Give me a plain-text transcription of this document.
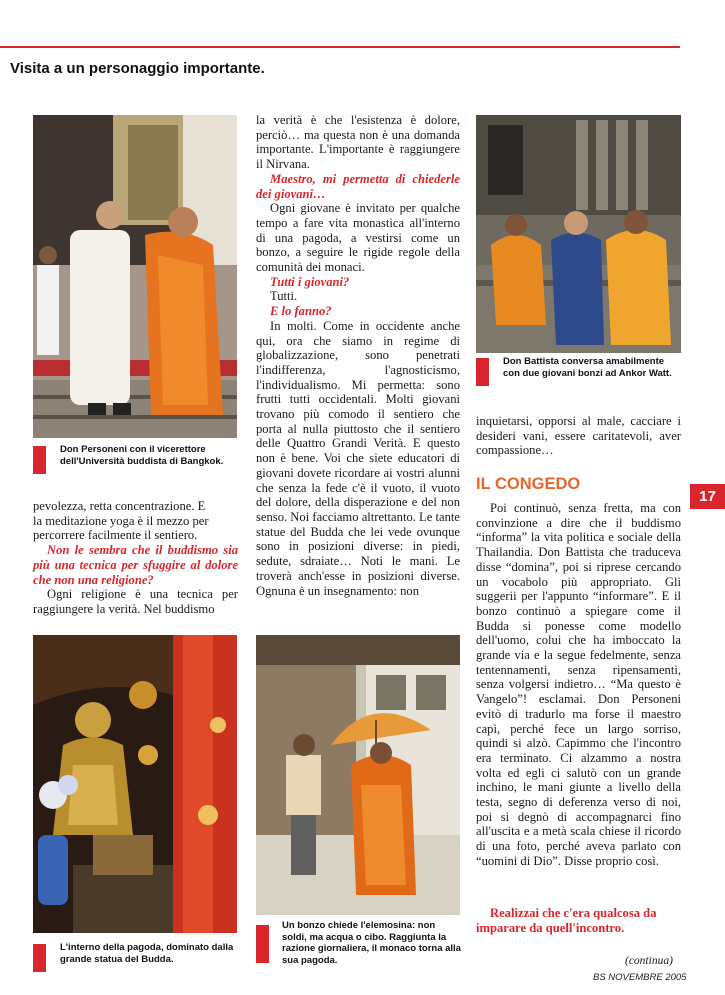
Visita a un personaggio importante.
Don Personeni con il vicerettore dell'Università buddista di Bangkok.
Don Battista conversa amabilmente con due giovani bonzi ad Ankor Watt.

pevolezza, retta concentrazione. E

la meditazione yoga è il mezzo per

percorrere facilmente il sentiero.

Non le sembra che il buddismo sia più una tecnica per sfuggire al dolore che non una religione?

Ogni religione è una tecnica per raggiungere la verità. Nel buddismo

la verità è che l'esistenza è dolore, perciò… ma questa non è una domanda importante. L'importante è raggiungere il Nirvana.

Maestro, mi permetta di chiederle dei giovani…

Ogni giovane è invitato per qualche tempo a fare vita monastica all'interno di una pagoda, a vestirsi come un bonzo, a seguire le rigide regole della comunità dei monaci.

Tutti i giovani?

Tutti.

E lo fanno?

In molti. Come in occidente anche qui, ora che siamo in regime di globalizzazione, sono penetrati l'indifferenza, l'agnosticismo, l'individualismo. Mi permetta: sono frutti tutti occidentali. Molti giovani trovano più comodo il sentiero che porta al nulla piuttosto che il sentiero delle Quattro Grandi Verità. E questo non è bene. Voi che siete educatori di giovani dovete ricordare ai vostri alunni che senza la fede c'è il vuoto, il vuoto del dolore, della disperazione e del non senso. Noi facciamo altrettanto. Le tante statue del Budda che lei vede ovunque sono in posizioni diverse: in piedi, sedute, sdraiate… Noti le mani. Le troverà anch'esse in posizioni diverse. Ognuna è un insegnamento: non

inquietarsi, opporsi al male, cacciare i desideri vani, essere caritatevoli, aver compassione…

IL CONGEDO

Poi continuò, senza fretta, ma con convinzione a dire che il buddismo “informa” la vita politica e sociale della Thailandia. Don Battista che traduceva disse “domina”, poi si riprese cercando un vocabolo più appropriato. Gli suggerii per l'appunto “informare”. E il bonzo continuò a spiegare come il Budda si ponesse come modello dell'uomo, colui che ha imboccato la grande via e la segue fedelmente, senza tentennamenti, senza ripensamenti, senza volgersi indietro… “Ma questo è Vangelo”! esclamai. Don Personeni evitò di tradurlo ma forse il maestro capì, perché fece un largo sorriso, quindi si alzò. Capimmo che l'incontro era terminato. Ci alzammo a nostra volta ed egli ci salutò con un grande inchino, le mani giunte a livello della testa, segno di deferenza verso di noi, poi si degnò di accompagnarci fino all'uscita e a metà scala chiese il ricordo di una foto, perché aveva parlato con “uomini di Dio”. Disse proprio così.

Realizzai che c'era qualcosa da imparare da quell'incontro.
(continua)
17
L'interno della pagoda, dominato dalla grande statua del Budda.
Un bonzo chiede l'elemosina: non soldi, ma acqua o cibo. Raggiunta la razione giornaliera, il monaco torna alla sua pagoda.
BS NOVEMBRE 2005
